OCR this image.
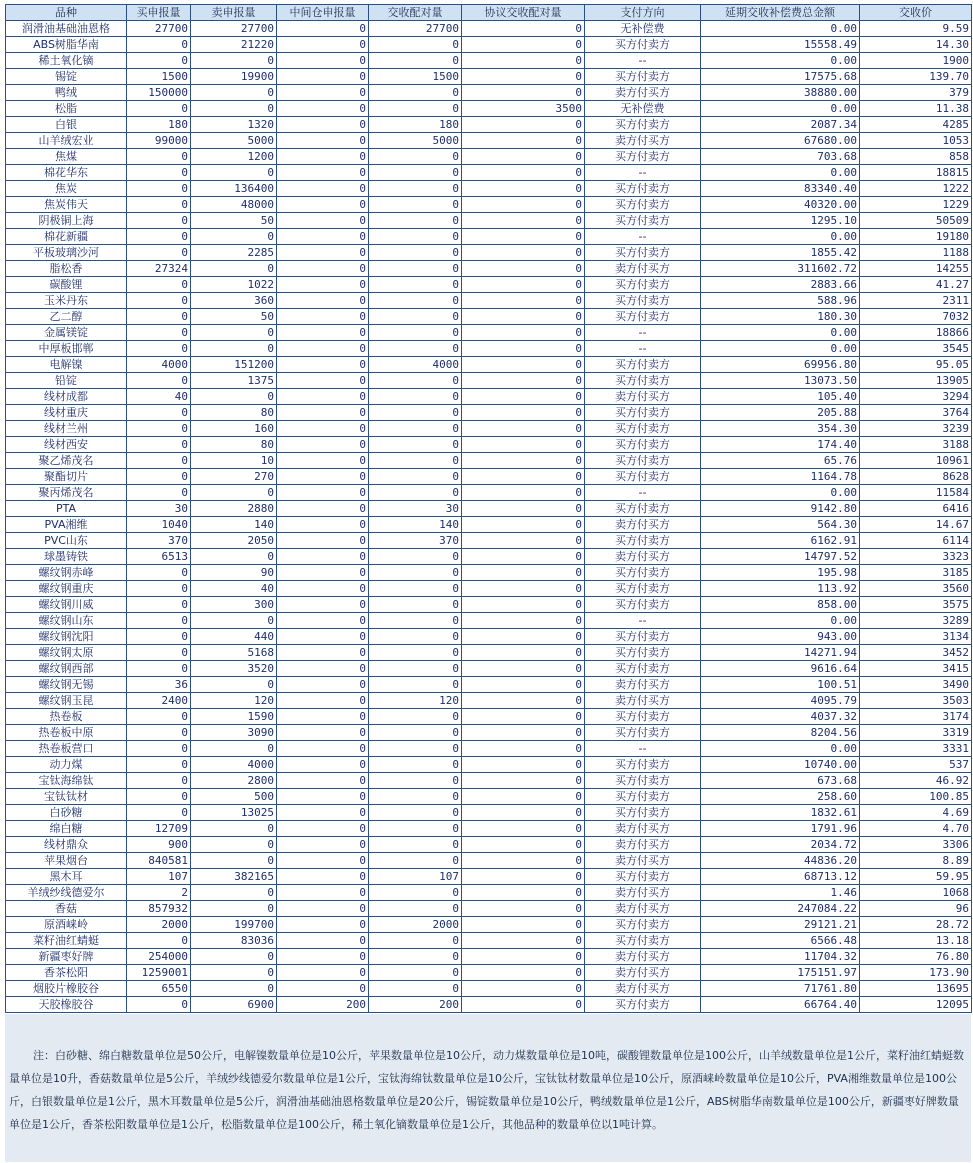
品种	买申报量	卖申报量	中间仓申报量	交收配对量	协议交收配对量	支付方向	延期交收补偿费总金额	交收价
润滑油基础油恩格	27700	27700	0	27700	0	无补偿费	0.00	9.59
ABS树脂华南	0	21220	0	0	0	买方付卖方	15558.49	14.30
稀土氧化镝	0	0	0	0	0	--	0.00	1900
锡锭	1500	19900	0	1500	0	买方付卖方	17575.68	139.70
鸭绒	150000	0	0	0	0	卖方付买方	38880.00	379
松脂	0	0	0	0	3500	无补偿费	0.00	11.38
白银	180	1320	0	180	0	买方付卖方	2087.34	4285
山羊绒宏业	99000	5000	0	5000	0	卖方付买方	67680.00	1053
焦煤	0	1200	0	0	0	买方付卖方	703.68	858
棉花华东	0	0	0	0	0	--	0.00	18815
焦炭	0	136400	0	0	0	买方付卖方	83340.40	1222
焦炭伟天	0	48000	0	0	0	买方付卖方	40320.00	1229
阴极铜上海	0	50	0	0	0	买方付卖方	1295.10	50509
棉花新疆	0	0	0	0	0	--	0.00	19180
平板玻璃沙河	0	2285	0	0	0	买方付卖方	1855.42	1188
脂松香	27324	0	0	0	0	卖方付买方	311602.72	14255
碳酸锂	0	1022	0	0	0	买方付卖方	2883.66	41.27
玉米丹东	0	360	0	0	0	买方付卖方	588.96	2311
乙二醇	0	50	0	0	0	买方付卖方	180.30	7032
金属镁锭	0	0	0	0	0	--	0.00	18866
中厚板邯郸	0	0	0	0	0	--	0.00	3545
电解镍	4000	151200	0	4000	0	买方付卖方	69956.80	95.05
铅锭	0	1375	0	0	0	买方付卖方	13073.50	13905
线材成都	40	0	0	0	0	卖方付买方	105.40	3294
线材重庆	0	80	0	0	0	买方付卖方	205.88	3764
线材兰州	0	160	0	0	0	买方付卖方	354.30	3239
线材西安	0	80	0	0	0	买方付卖方	174.40	3188
聚乙烯茂名	0	10	0	0	0	买方付卖方	65.76	10961
聚酯切片	0	270	0	0	0	买方付卖方	1164.78	8628
聚丙烯茂名	0	0	0	0	0	--	0.00	11584
PTA	30	2880	0	30	0	买方付卖方	9142.80	6416
PVA湘维	1040	140	0	140	0	卖方付买方	564.30	14.67
PVC山东	370	2050	0	370	0	买方付卖方	6162.91	6114
球墨铸铁	6513	0	0	0	0	卖方付买方	14797.52	3323
螺纹钢赤峰	0	90	0	0	0	买方付卖方	195.98	3185
螺纹钢重庆	0	40	0	0	0	买方付卖方	113.92	3560
螺纹钢川威	0	300	0	0	0	买方付卖方	858.00	3575
螺纹钢山东	0	0	0	0	0	--	0.00	3289
螺纹钢沈阳	0	440	0	0	0	买方付卖方	943.00	3134
螺纹钢太原	0	5168	0	0	0	买方付卖方	14271.94	3452
螺纹钢西部	0	3520	0	0	0	买方付卖方	9616.64	3415
螺纹钢无锡	36	0	0	0	0	卖方付买方	100.51	3490
螺纹钢玉昆	2400	120	0	120	0	卖方付买方	4095.79	3503
热卷板	0	1590	0	0	0	买方付卖方	4037.32	3174
热卷板中原	0	3090	0	0	0	买方付卖方	8204.56	3319
热卷板营口	0	0	0	0	0	--	0.00	3331
动力煤	0	4000	0	0	0	买方付卖方	10740.00	537
宝钛海绵钛	0	2800	0	0	0	买方付卖方	673.68	46.92
宝钛钛材	0	500	0	0	0	买方付卖方	258.60	100.85
白砂糖	0	13025	0	0	0	买方付卖方	1832.61	4.69
绵白糖	12709	0	0	0	0	卖方付买方	1791.96	4.70
线材鼎众	900	0	0	0	0	卖方付买方	2034.72	3306
苹果烟台	840581	0	0	0	0	卖方付买方	44836.20	8.89
黑木耳	107	382165	0	107	0	买方付卖方	68713.12	59.95
羊绒纱线德爱尔	2	0	0	0	0	卖方付买方	1.46	1068
香菇	857932	0	0	0	0	卖方付买方	247084.22	96
原酒崃岭	2000	199700	0	2000	0	买方付卖方	29121.21	28.72
菜籽油红蜻蜓	0	83036	0	0	0	买方付卖方	6566.48	13.18
新疆枣好牌	254000	0	0	0	0	卖方付买方	11704.32	76.80
香茶松阳	1259001	0	0	0	0	卖方付买方	175151.97	173.90
烟胶片橡胶谷	6550	0	0	0	0	卖方付买方	71761.80	13695
天胶橡胶谷	0	6900	200	200	0	买方付卖方	66764.40	12095
注：白砂糖、绵白糖数量单位是50公斤，电解镍数量单位是10公斤，苹果数量单位是10公斤，动力煤数量单位是10吨，碳酸锂数量单位是100公斤，山羊绒数量单位是1公斤，菜籽油红蜻蜓数量单位是10升，香菇数量单位是5公斤，羊绒纱线德爱尔数量单位是1公斤，宝钛海绵钛数量单位是10公斤，宝钛钛材数量单位是10公斤，原酒崃岭数量单位是10公斤，PVA湘维数量单位是100公斤，白银数量单位是1公斤，黑木耳数量单位是5公斤，润滑油基础油恩格数量单位是20公斤，锡锭数量单位是10公斤，鸭绒数量单位是1公斤，ABS树脂华南数量单位是100公斤，新疆枣好牌数量单位是1公斤，香茶松阳数量单位是1公斤，松脂数量单位是100公斤，稀土氧化镝数量单位是1公斤，其他品种的数量单位以1吨计算。
